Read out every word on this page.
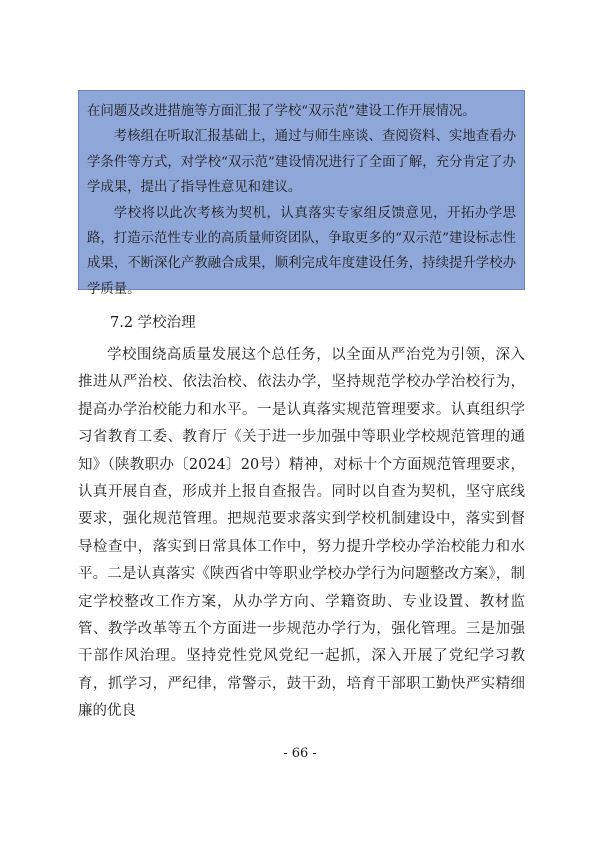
在问题及改进措施等方面汇报了学校“双示范”建设工作开展情况。

考核组在听取汇报基础上，通过与师生座谈、查阅资料、实地查看办学条件等方式，对学校“双示范”建设情况进行了全面了解，充分肯定了办学成果，提出了指导性意见和建议。

学校将以此次考核为契机，认真落实专家组反馈意见，开拓办学思路，打造示范性专业的高质量师资团队，争取更多的“双示范”建设标志性成果，不断深化产教融合成果，顺利完成年度建设任务，持续提升学校办学质量。

7.2 学校治理

学校围绕高质量发展这个总任务，以全面从严治党为引领，深入推进从严治校、依法治校、依法办学，坚持规范学校办学治校行为，提高办学治校能力和水平。一是认真落实规范管理要求。认真组织学习省教育工委、教育厅《关于进一步加强中等职业学校规范管理的通知》（陕教职办〔2024〕20号）精神，对标十个方面规范管理要求，认真开展自查，形成并上报自查报告。同时以自查为契机，坚守底线要求，强化规范管理。把规范要求落实到学校机制建设中，落实到督导检查中，落实到日常具体工作中，努力提升学校办学治校能力和水平。二是认真落实《陕西省中等职业学校办学行为问题整改方案》，制定学校整改工作方案，从办学方向、学籍资助、专业设置、教材监管、教学改革等五个方面进一步规范办学行为，强化管理。三是加强干部作风治理。坚持党性党风党纪一起抓，深入开展了党纪学习教育，抓学习，严纪律，常警示，鼓干劲，培育干部职工勤快严实精细廉的优良

- 66 -
